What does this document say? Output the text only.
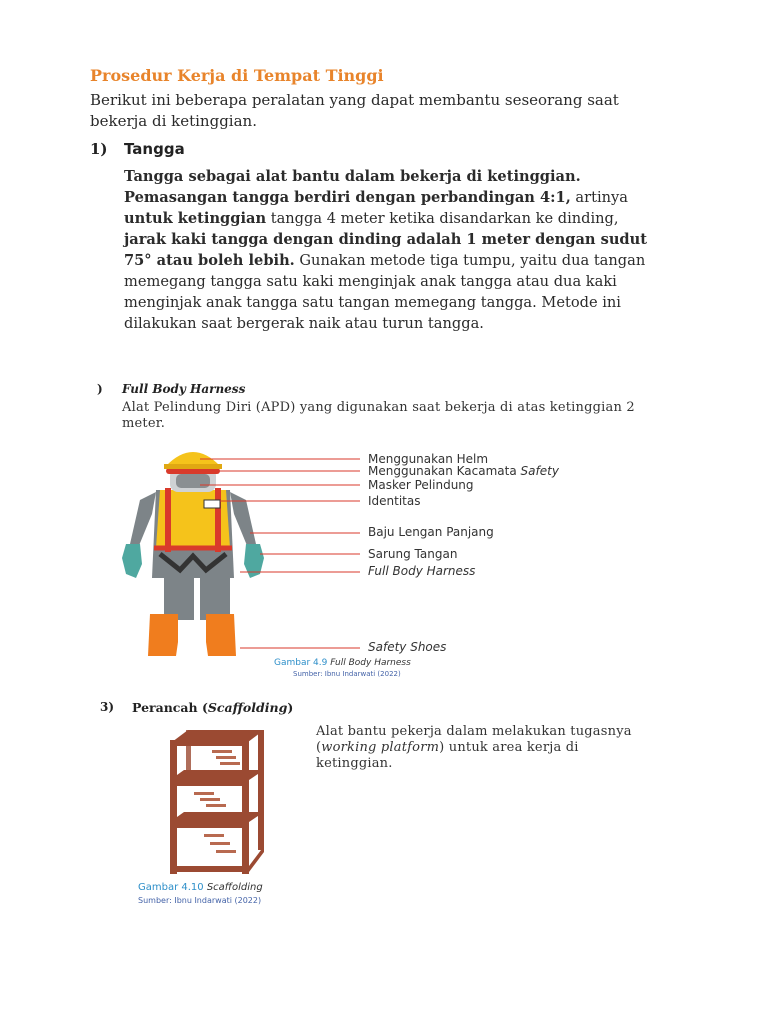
Prosedur Kerja di Tempat Tinggi
Berikut ini beberapa peralatan yang dapat membantu seseorang saat bekerja di ketinggian.
1) Tangga
Tangga sebagai alat bantu dalam bekerja di ketinggian. Pemasangan tangga berdiri dengan perbandingan 4:1, artinya untuk ketinggian tangga 4 meter ketika disandarkan ke dinding, jarak kaki tangga dengan dinding adalah 1 meter dengan sudut 75° atau boleh lebih. Gunakan metode tiga tumpu, yaitu dua tangan memegang tangga satu kaki menginjak anak tangga atau dua kaki menginjak anak tangga satu tangan memegang tangga. Metode ini dilakukan saat bergerak naik atau turun tangga.
) Full Body Harness
Alat Pelindung Diri (APD) yang digunakan saat bekerja di atas ketinggian 2 meter.
Menggunakan Helm
Menggunakan Kacamata Safety
Masker Pelindung
Identitas
Baju Lengan Panjang
Sarung Tangan
Full Body Harness
Safety Shoes
Gambar 4.9 Full Body Harness
Sumber: Ibnu Indarwati (2022)
3) Perancah (Scaffolding)
Alat bantu pekerja dalam melakukan tugasnya (working platform) untuk area kerja di ketinggian.
Gambar 4.10 Scaffolding
Sumber: Ibnu Indarwati (2022)
